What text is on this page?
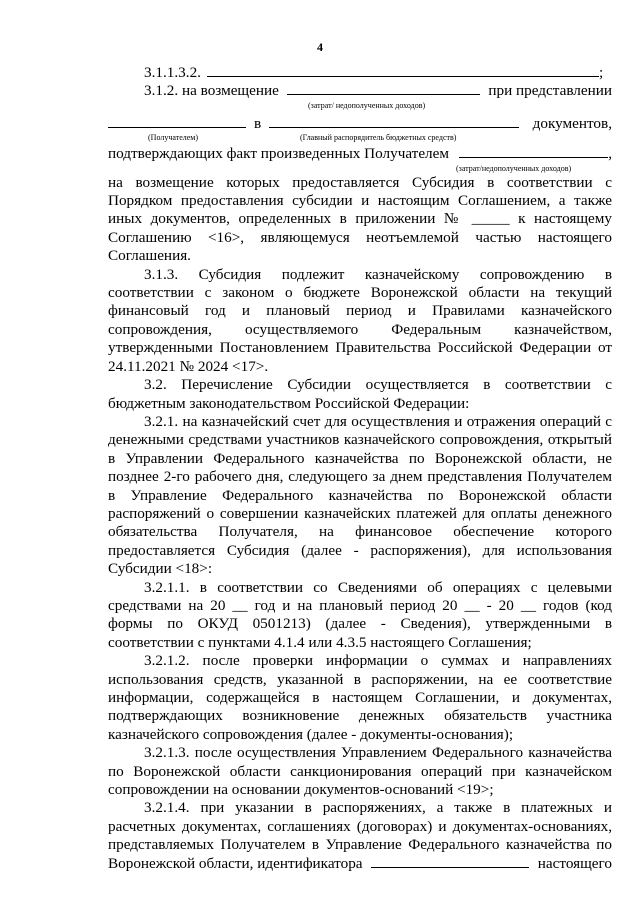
4
3.1.1.3.2.	;
3.1.2. на возмещение	при представлении
(затрат/ недополученных доходов)
в	документов,
(Получателем)	(Главный распорядитель бюджетных средств)
подтверждающих факт произведенных Получателем	,
(затрат/недополученных доходов)

на возмещение которых предоставляется Субсидия в соответствии с Порядком предоставления субсидии и настоящим Соглашением, а также иных документов, определенных в приложении № _____ к настоящему Соглашению <16>, являющемуся неотъемлемой частью настоящего Соглашения.

3.1.3. Субсидия подлежит казначейскому сопровождению в соответствии с законом о бюджете Воронежской области на текущий финансовый год и плановый период и Правилами казначейского сопровождения, осуществляемого Федеральным казначейством, утвержденными Постановлением Правительства Российской Федерации от 24.11.2021 № 2024 <17>.

3.2. Перечисление Субсидии осуществляется в соответствии с бюджетным законодательством Российской Федерации:

3.2.1. на казначейский счет для осуществления и отражения операций с денежными средствами участников казначейского сопровождения, открытый в Управлении Федерального казначейства по Воронежской области, не позднее 2-го рабочего дня, следующего за днем представления Получателем в Управление Федерального казначейства по Воронежской области распоряжений о совершении казначейских платежей для оплаты денежного обязательства Получателя, на финансовое обеспечение которого предоставляется Субсидия (далее - распоряжения), для использования Субсидии <18>:

3.2.1.1. в соответствии со Сведениями об операциях с целевыми средствами на 20 __ год и на плановый период 20 __ - 20 __ годов (код формы по ОКУД 0501213) (далее - Сведения), утвержденными в соответствии с пунктами 4.1.4 или 4.3.5 настоящего Соглашения;

3.2.1.2. после проверки информации о суммах и направлениях использования средств, указанной в распоряжении, на ее соответствие информации, содержащейся в настоящем Соглашении, и документах, подтверждающих возникновение денежных обязательств участника казначейского сопровождения (далее - документы-основания);

3.2.1.3. после осуществления Управлением Федерального казначейства по Воронежской области санкционирования операций при казначейском сопровождении на основании документов-оснований <19>;

3.2.1.4. при указании в распоряжениях, а также в платежных и расчетных документах, соглашениях (договорах) и документах-основаниях, представляемых Получателем в Управление Федерального казначейства по

Воронежской области, идентификатора	настоящего
